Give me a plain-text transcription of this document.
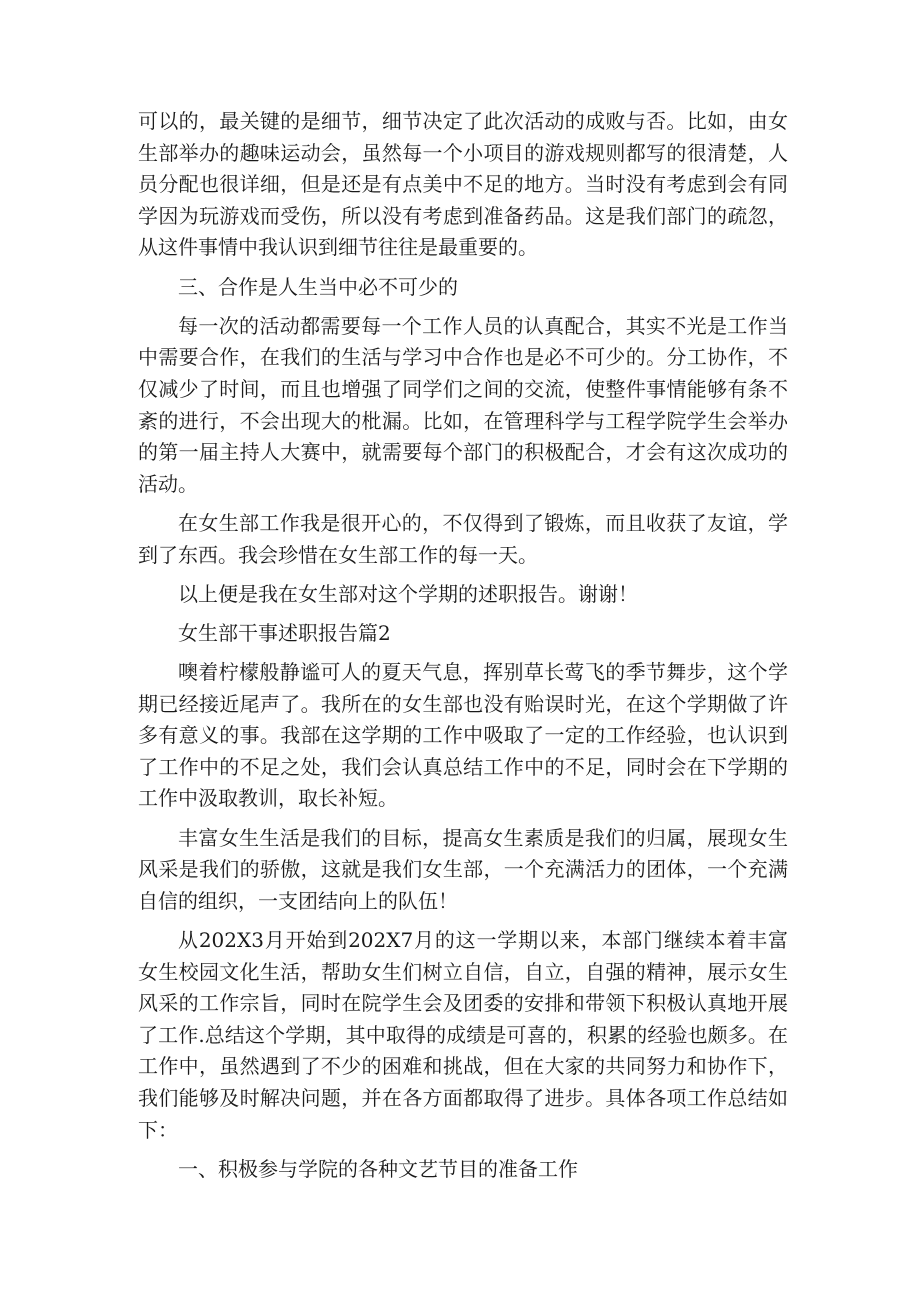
可以的，最关键的是细节，细节决定了此次活动的成败与否。比如，由女生部举办的趣味运动会，虽然每一个小项目的游戏规则都写的很清楚，人员分配也很详细，但是还是有点美中不足的地方。当时没有考虑到会有同学因为玩游戏而受伤，所以没有考虑到准备药品。这是我们部门的疏忽，从这件事情中我认识到细节往往是最重要的。

三、合作是人生当中必不可少的

每一次的活动都需要每一个工作人员的认真配合，其实不光是工作当中需要合作，在我们的生活与学习中合作也是必不可少的。分工协作，不仅减少了时间，而且也增强了同学们之间的交流，使整件事情能够有条不紊的进行，不会出现大的枇漏。比如，在管理科学与工程学院学生会举办的第一届主持人大赛中，就需要每个部门的积极配合，才会有这次成功的活动。

在女生部工作我是很开心的，不仅得到了锻炼，而且收获了友谊，学到了东西。我会珍惜在女生部工作的每一天。

以上便是我在女生部对这个学期的述职报告。谢谢！

女生部干事述职报告篇2

噢着柠檬般静谧可人的夏天气息，挥别草长莺飞的季节舞步，这个学期已经接近尾声了。我所在的女生部也没有贻误时光，在这个学期做了许多有意义的事。我部在这学期的工作中吸取了一定的工作经验，也认识到了工作中的不足之处，我们会认真总结工作中的不足，同时会在下学期的工作中汲取教训，取长补短。

丰富女生生活是我们的目标，提高女生素质是我们的归属，展现女生风采是我们的骄傲，这就是我们女生部，一个充满活力的团体，一个充满自信的组织，一支团结向上的队伍！

从202X3月开始到202X7月的这一学期以来，本部门继续本着丰富女生校园文化生活，帮助女生们树立自信，自立，自强的精神，展示女生风采的工作宗旨，同时在院学生会及团委的安排和带领下积极认真地开展了工作.总结这个学期，其中取得的成绩是可喜的，积累的经验也颇多。在工作中，虽然遇到了不少的困难和挑战，但在大家的共同努力和协作下，我们能够及时解决问题，并在各方面都取得了进步。具体各项工作总结如下：

一、积极参与学院的各种文艺节目的准备工作
